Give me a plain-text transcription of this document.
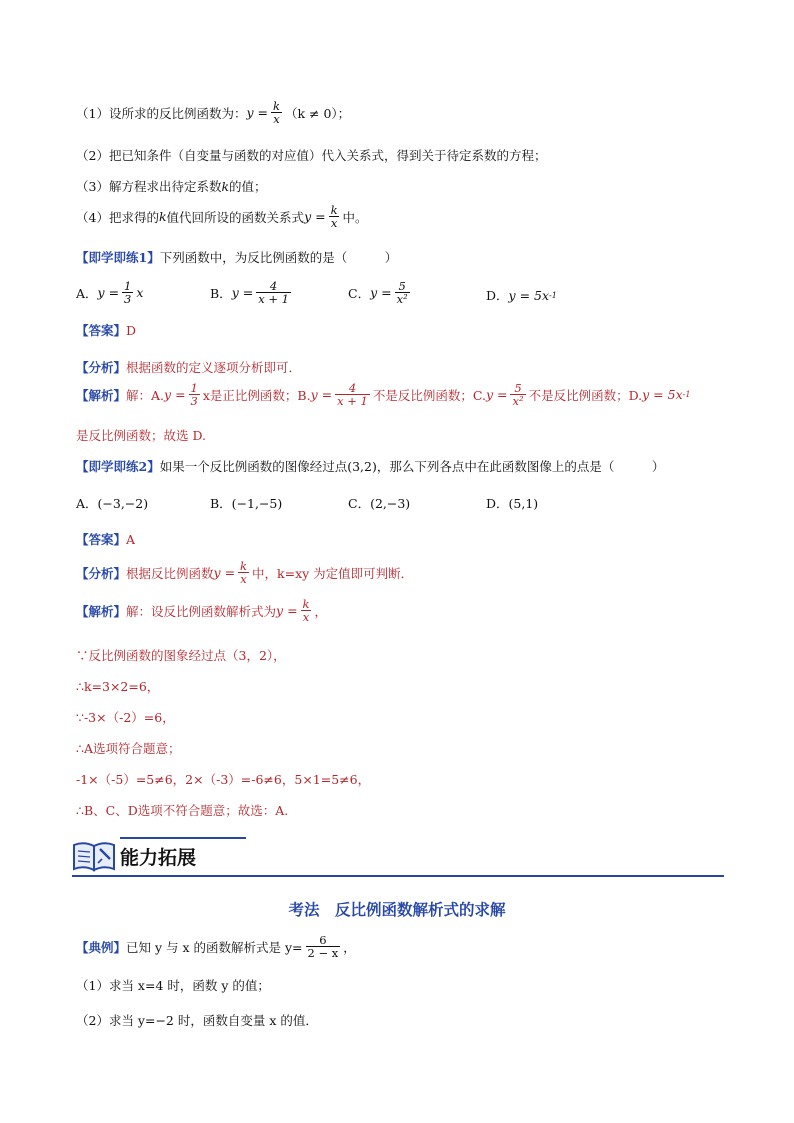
（1）设所求的反比例函数为： $y = \frac{k}{x} (k \ne 0)$；
（2）把已知条件（自变量与函数的对应值）代入关系式，得到关于待定系数的方程；
（3）解方程求出待定系数 k 的值；
（4）把求得的 k 值代回所设的函数关系式 $y = \frac{k}{x}$ 中。
【即学即练1】 下列函数中，为反比例函数的是（　　　）
A． $y = \frac{1}{3}$ x	B． $y = \frac{4}{x + 1}$	C． $y = \frac{5}{\text{x²}}$	D． y = 5x -1
【答案】 D
【分析】 根据函数的定义逐项分析即可．
【解析】 解：A. $y = \frac{1}{3}$ x是正比例函数；B. $y = \frac{4}{x + 1}$ 不是反比例函数；C. $y = \frac{5}{\text{x²}}$ 不是反比例函数；D. y = 5x -1
是反比例函数；故选 D.
【即学即练2】 如果一个反比例函数的图像经过点(3,2)，那么下列各点中在此函数图像上的点是（　　　）
A．(−3,−2)	B．(−1,−5)	C．(2,−3)	D．(5,1)
【答案】 A
【分析】 根据反比例函数 $y = \frac{k}{x}$ 中，k=xy 为定值即可判断．
【解析】 解：设反比例函数解析式为 $y = \frac{k}{x}$ ，
∵反比例函数的图象经过点（3，2），
∴k=3×2=6，
∵-3×（-2）=6，
∴A选项符合题意；
-1×（-5）=5≠6，2×（-3）=-6≠6，5×1=5≠6，
∴B、C、D选项不符合题意；故选：A.
能力拓展
考法　反比例函数解析式的求解
【典例】 已知 y 与 x 的函数解析式是 $y= \frac{6}{2 - x}$ ，
（1）求当 x=4 时，函数 y 的值；
（2）求当 y=−2 时，函数自变量 x 的值．
